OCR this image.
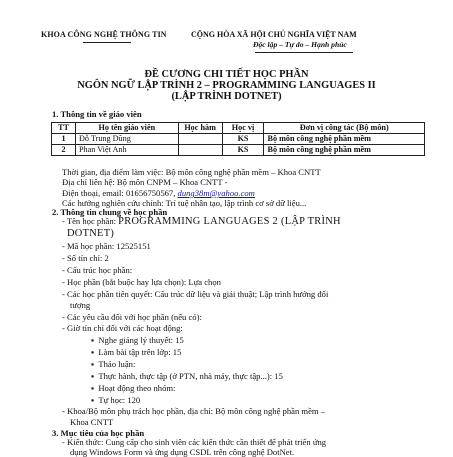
KHOA CÔNG NGHỆ THÔNG TIN	CỘNG HÒA XÃ HỘI CHỦ NGHĨA VIỆT NAM
Độc lập – Tự do – Hạnh phúc
ĐỀ CƯƠNG CHI TIẾT HỌC PHẦN
NGÔN NGỮ LẬP TRÌNH 2 – PROGRAMMING LANGUAGES II
(LẬP TRÌNH DOTNET)
1. Thông tin về giáo viên
TT	Họ tên giáo viên	Học hàm	Học vị	Đơn vị công tác (Bộ môn)
1	Đỗ Trung Dũng		KS	Bộ môn công nghệ phần mềm
2	Phan Việt Anh		KS	Bộ môn công nghệ phần mềm
Thời gian, địa điểm làm việc: Bộ môn công nghệ phần mềm – Khoa CNTT
Địa chỉ liên hệ: Bộ môn CNPM – Khoa CNTT -
Điện thoại, email: 01656750567, dung38m@yahoo.com
Các hướng nghiên cứu chính: Trí tuệ nhân tạo, lập trình cơ sở dữ liệu...
2. Thông tin chung về học phần
- Tên học phần: PROGRAMMING LANGUAGES 2 (LẬP TRÌNH
DOTNET)
- Mã học phần: 12525151
- Số tín chỉ: 2
- Cấu trúc học phần:
- Học phần (bắt buộc hay lựa chọn): Lựa chọn
- Các học phần tiên quyết: Cấu trúc dữ liệu và giải thuật; Lập trình hướng đối
tượng
- Các yêu cầu đối với học phần (nếu có):
- Giờ tín chỉ đối với các hoạt động:
▪  Nghe giảng lý thuyết: 15
▪  Làm bài tập trên lớp: 15
▪  Thảo luận:
▪  Thực hành, thực tập (ở PTN, nhà máy, thực tập...): 15
▪  Hoạt động theo nhóm:
▪  Tự học: 120
- Khoa/Bộ môn phụ trách học phần, địa chỉ: Bộ môn công nghệ phần mềm –
Khoa CNTT
3. Mục tiêu của học phần
- Kiến thức: Cung cấp cho sinh viên các kiến thức cần thiết để phát triển ứng
dụng Windows Form và ứng dụng CSDL trên công nghệ DotNet.
